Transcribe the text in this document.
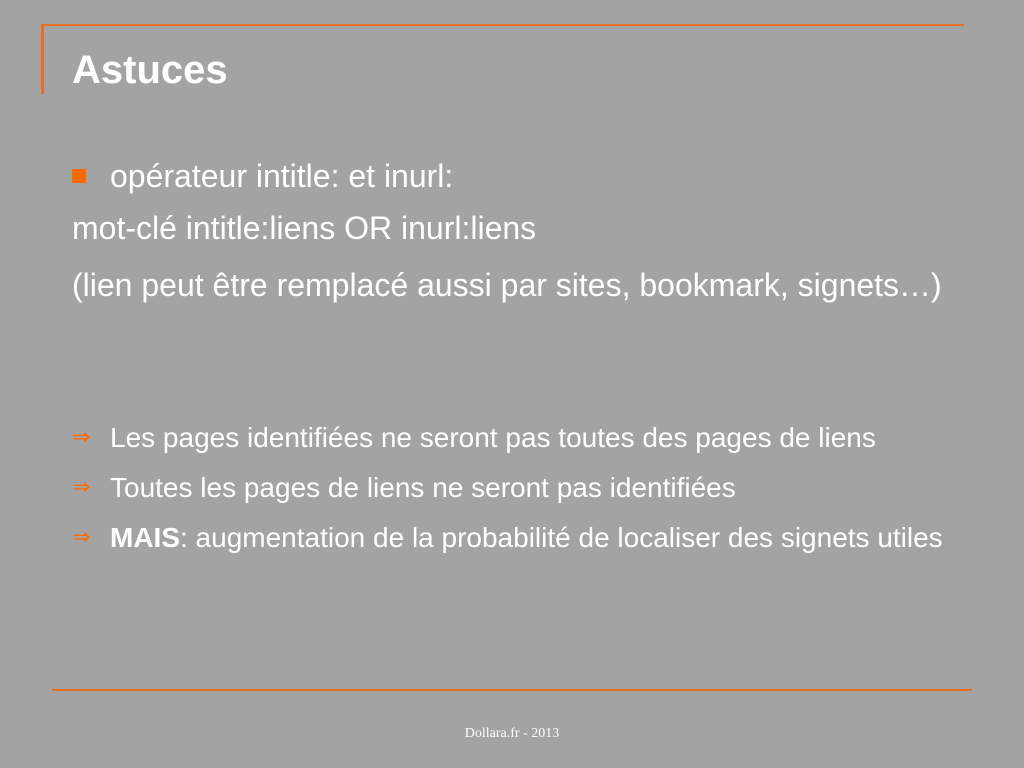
Astuces
opérateur intitle: et inurl:
mot-clé intitle:liens OR inurl:liens
(lien peut être remplacé aussi par sites, bookmark, signets…)
⇒ Les pages identifiées ne seront pas toutes des pages de liens
⇒ Toutes les pages de liens ne seront pas identifiées
⇒ MAIS: augmentation de la probabilité de localiser des signets utiles
Dollara.fr - 2013
